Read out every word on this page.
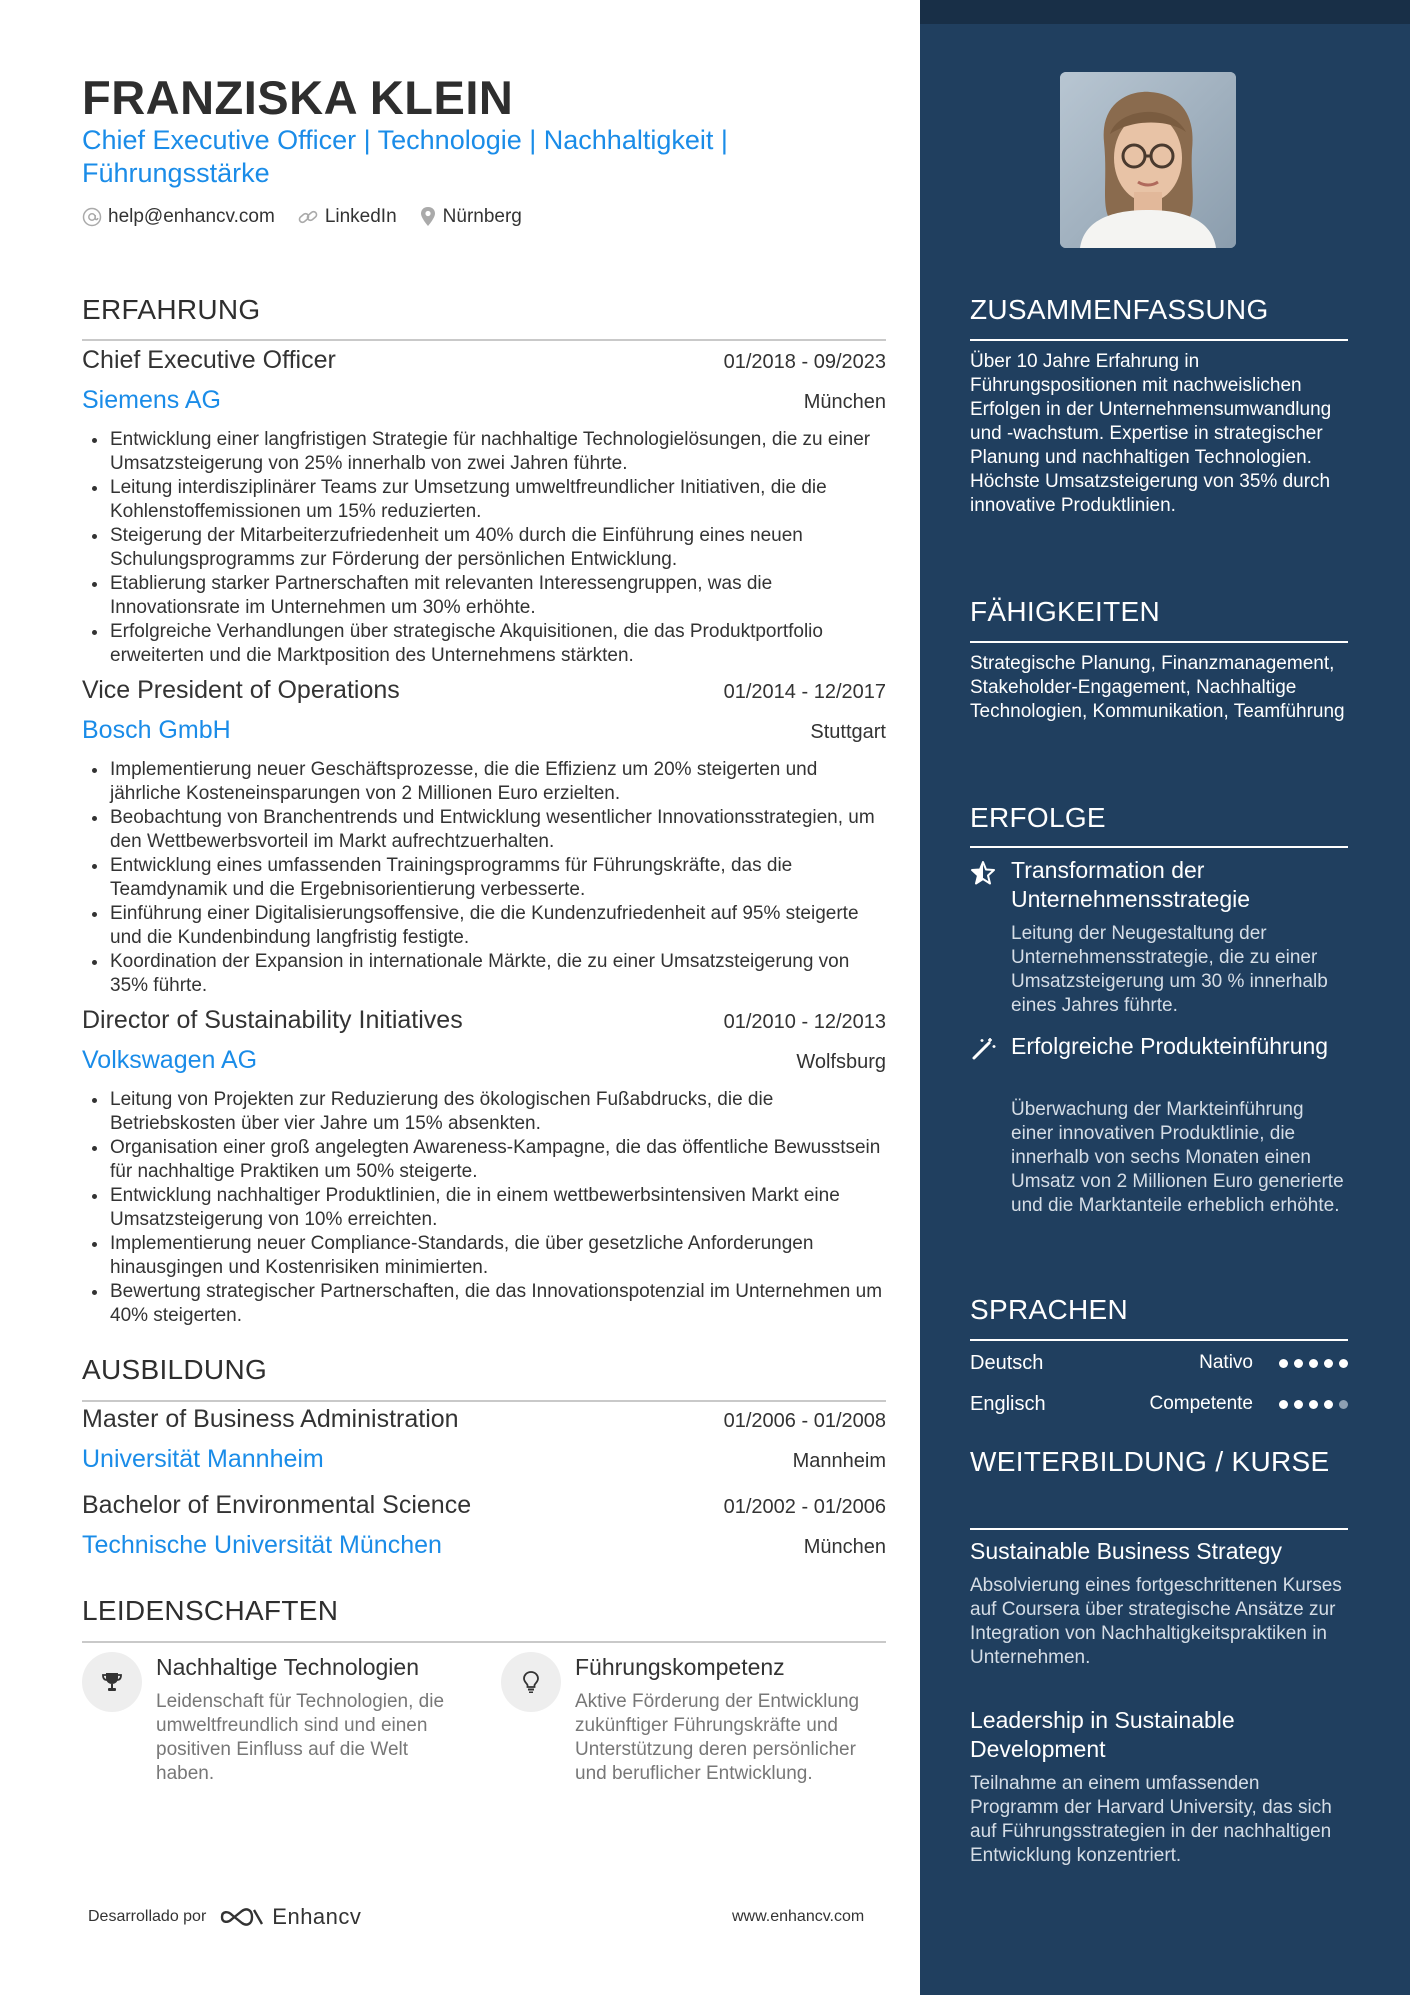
FRANZISKA KLEIN
Chief Executive Officer | Technologie | Nachhaltigkeit | Führungsstärke
help@enhancv.com	LinkedIn Nürnberg
ERFAHRUNG
Chief Executive Officer	01/2018 - 09/2023
Siemens AG	München
Entwicklung einer langfristigen Strategie für nachhaltige Technologielösungen, die zu einer Umsatzsteigerung von 25% innerhalb von zwei Jahren führte.
Leitung interdisziplinärer Teams zur Umsetzung umweltfreundlicher Initiativen, die die Kohlenstoffemissionen um 15% reduzierten.
Steigerung der Mitarbeiterzufriedenheit um 40% durch die Einführung eines neuen Schulungsprogramms zur Förderung der persönlichen Entwicklung.
Etablierung starker Partnerschaften mit relevanten Interessengruppen, was die Innovationsrate im Unternehmen um 30% erhöhte.
Erfolgreiche Verhandlungen über strategische Akquisitionen, die das Produktportfolio erweiterten und die Marktposition des Unternehmens stärkten.
Vice President of Operations	01/2014 - 12/2017
Bosch GmbH	Stuttgart
Implementierung neuer Geschäftsprozesse, die die Effizienz um 20% steigerten und jährliche Kosteneinsparungen von 2 Millionen Euro erzielten.
Beobachtung von Branchentrends und Entwicklung wesentlicher Innovationsstrategien, um den Wettbewerbsvorteil im Markt aufrechtzuerhalten.
Entwicklung eines umfassenden Trainingsprogramms für Führungskräfte, das die Teamdynamik und die Ergebnisorientierung verbesserte.
Einführung einer Digitalisierungsoffensive, die die Kundenzufriedenheit auf 95% steigerte und die Kundenbindung langfristig festigte.
Koordination der Expansion in internationale Märkte, die zu einer Umsatzsteigerung von 35% führte.
Director of Sustainability Initiatives	01/2010 - 12/2013
Volkswagen AG	Wolfsburg
Leitung von Projekten zur Reduzierung des ökologischen Fußabdrucks, die die Betriebskosten über vier Jahre um 15% absenkten.
Organisation einer groß angelegten Awareness-Kampagne, die das öffentliche Bewusstsein für nachhaltige Praktiken um 50% steigerte.
Entwicklung nachhaltiger Produktlinien, die in einem wettbewerbsintensiven Markt eine Umsatzsteigerung von 10% erreichten.
Implementierung neuer Compliance-Standards, die über gesetzliche Anforderungen hinausgingen und Kostenrisiken minimierten.
Bewertung strategischer Partnerschaften, die das Innovationspotenzial im Unternehmen um 40% steigerten.
AUSBILDUNG
Master of Business Administration	01/2006 - 01/2008
Universität Mannheim	Mannheim
Bachelor of Environmental Science	01/2002 - 01/2006
Technische Universität München	München
LEIDENSCHAFTEN
Nachhaltige Technologien
Leidenschaft für Technologien, die umweltfreundlich sind und einen positiven Einfluss auf die Welt haben.
Führungskompetenz
Aktive Förderung der Entwicklung zukünftiger Führungskräfte und Unterstützung deren persönlicher und beruflicher Entwicklung.
Desarrollado por	Enhancv	www.enhancv.com
ZUSAMMENFASSUNG
Über 10 Jahre Erfahrung in Führungspositionen mit nachweislichen Erfolgen in der Unternehmensumwandlung und -wachstum. Expertise in strategischer Planung und nachhaltigen Technologien. Höchste Umsatzsteigerung von 35% durch innovative Produktlinien.
FÄHIGKEITEN
Strategische Planung, Finanzmanagement, Stakeholder-Engagement, Nachhaltige Technologien, Kommunikation, Teamführung
ERFOLGE
Transformation der Unternehmensstrategie
Leitung der Neugestaltung der Unternehmensstrategie, die zu einer Umsatzsteigerung um 30 % innerhalb eines Jahres führte.
Erfolgreiche Produkteinführung
Überwachung der Markteinführung einer innovativen Produktlinie, die innerhalb von sechs Monaten einen Umsatz von 2 Millionen Euro generierte und die Marktanteile erheblich erhöhte.
SPRACHEN
Deutsch	Nativo
Englisch	Competente
WEITERBILDUNG / KURSE
Sustainable Business Strategy
Absolvierung eines fortgeschrittenen Kurses auf Coursera über strategische Ansätze zur Integration von Nachhaltigkeitspraktiken in Unternehmen.
Leadership in Sustainable Development
Teilnahme an einem umfassenden Programm der Harvard University, das sich auf Führungsstrategien in der nachhaltigen Entwicklung konzentriert.
